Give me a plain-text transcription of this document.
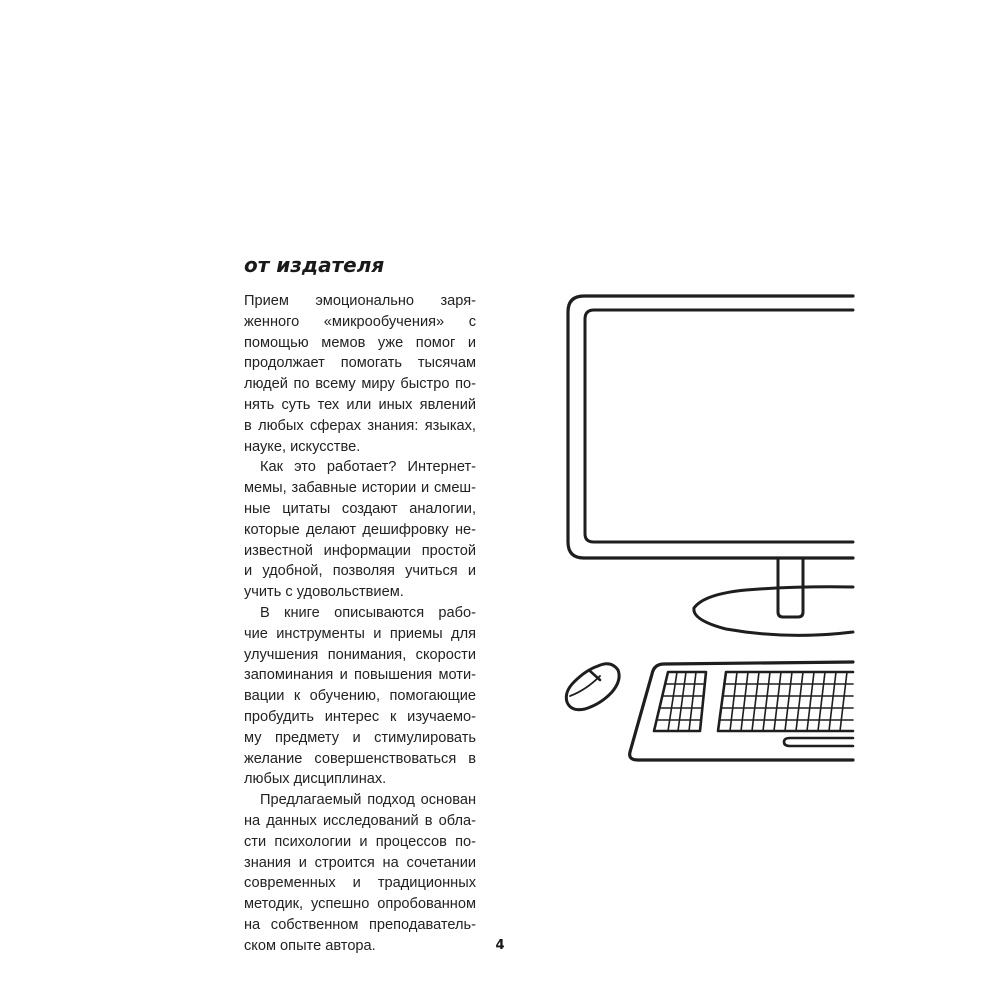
от издателя
Прием эмоционально заря-
женного «микрообучения» с
помощью мемов уже помог и
продолжает помогать тысячам
людей по всему миру быстро по-
нять суть тех или иных явлений
в любых сферах знания: языках,
науке, искусстве.
Как это работает? Интернет-
мемы, забавные истории и смеш-
ные цитаты создают аналогии,
которые делают дешифровку не-
известной информации простой
и удобной, позволяя учиться и
учить с удовольствием.
В книге описываются рабо-
чие инструменты и приемы для
улучшения понимания, скорости
запоминания и повышения моти-
вации к обучению, помогающие
пробудить интерес к изучаемо-
му предмету и стимулировать
желание совершенствоваться в
любых дисциплинах.
Предлагаемый подход основан
на данных исследований в обла-
сти психологии и процессов по-
знания и строится на сочетании
современных и традиционных
методик, успешно опробованном
на собственном преподаватель-
ском опыте автора.	4
